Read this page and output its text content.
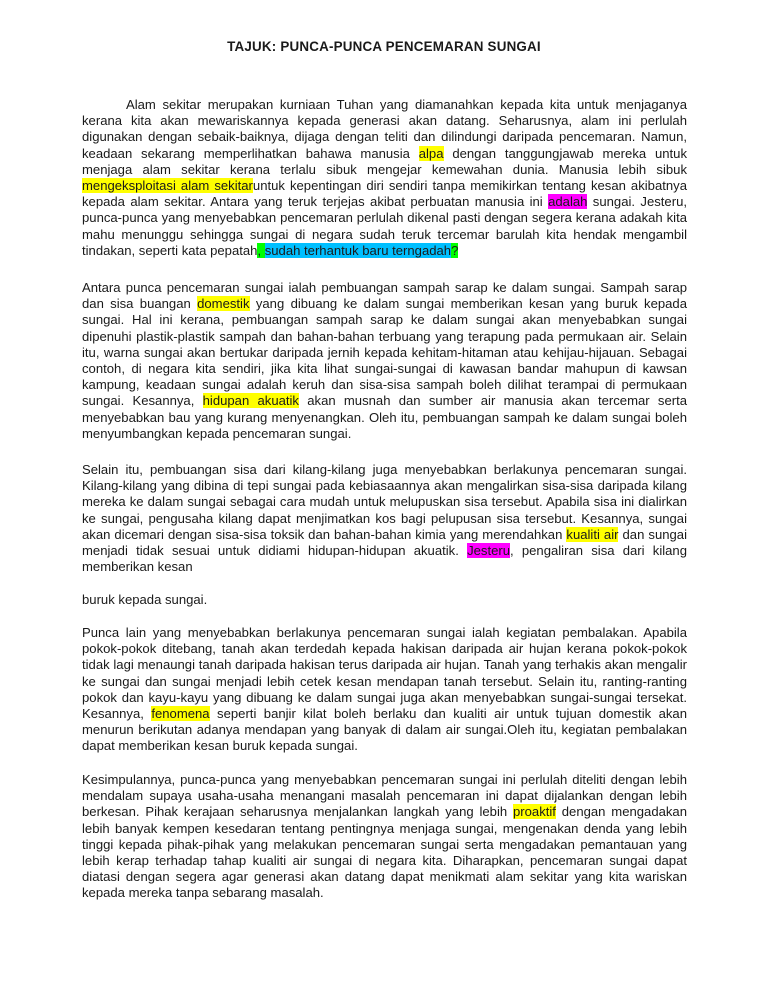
TAJUK: PUNCA-PUNCA PENCEMARAN SUNGAI

Alam sekitar merupakan kurniaan Tuhan yang diamanahkan kepada kita untuk menjaganya kerana kita akan mewariskannya kepada generasi akan datang. Seharusnya, alam ini perlulah digunakan dengan sebaik-baiknya, dijaga dengan teliti dan dilindungi daripada pencemaran. Namun, keadaan sekarang memperlihatkan bahawa manusia alpa dengan tanggungjawab mereka untuk menjaga alam sekitar kerana terlalu sibuk mengejar kemewahan dunia. Manusia lebih sibuk mengeksploitasi alam sekitaruntuk kepentingan diri sendiri tanpa memikirkan tentang kesan akibatnya kepada alam sekitar. Antara yang teruk terjejas akibat perbuatan manusia ini adalah sungai. Jesteru, punca-punca yang menyebabkan pencemaran perlulah dikenal pasti dengan segera kerana adakah kita mahu menunggu sehingga sungai di negara sudah teruk tercemar barulah kita hendak mengambil tindakan, seperti kata pepatah, sudah terhantuk baru terngadah?

Antara punca pencemaran sungai ialah pembuangan sampah sarap ke dalam sungai. Sampah sarap dan sisa buangan domestik yang dibuang ke dalam sungai memberikan kesan yang buruk kepada sungai. Hal ini kerana, pembuangan sampah sarap ke dalam sungai akan menyebabkan sungai dipenuhi plastik-plastik sampah dan bahan-bahan terbuang yang terapung pada permukaan air. Selain itu, warna sungai akan bertukar daripada jernih kepada kehitam-hitaman atau kehijau-hijauan. Sebagai contoh, di negara kita sendiri, jika kita lihat sungai-sungai di kawasan bandar mahupun di kawsan kampung, keadaan sungai adalah keruh dan sisa-sisa sampah boleh dilihat terampai di permukaan sungai. Kesannya, hidupan akuatik akan musnah dan sumber air manusia akan tercemar serta menyebabkan bau yang kurang menyenangkan. Oleh itu, pembuangan sampah ke dalam sungai boleh menyumbangkan kepada pencemaran sungai.

Selain itu, pembuangan sisa dari kilang-kilang juga menyebabkan berlakunya pencemaran sungai. Kilang-kilang yang dibina di tepi sungai pada kebiasaannya akan mengalirkan sisa-sisa daripada kilang mereka ke dalam sungai sebagai cara mudah untuk melupuskan sisa tersebut. Apabila sisa ini dialirkan ke sungai, pengusaha kilang dapat menjimatkan kos bagi pelupusan sisa tersebut. Kesannya, sungai akan dicemari dengan sisa-sisa toksik dan bahan-bahan kimia yang merendahkan kualiti air dan sungai menjadi tidak sesuai untuk didiami hidupan-hidupan akuatik. Jesteru, pengaliran sisa dari kilang memberikan kesan

buruk kepada sungai.

Punca lain yang menyebabkan berlakunya pencemaran sungai ialah kegiatan pembalakan. Apabila pokok-pokok ditebang, tanah akan terdedah kepada hakisan daripada air hujan kerana pokok-pokok tidak lagi menaungi tanah daripada hakisan terus daripada air hujan. Tanah yang terhakis akan mengalir ke sungai dan sungai menjadi lebih cetek kesan mendapan tanah tersebut. Selain itu, ranting-ranting pokok dan kayu-kayu yang dibuang ke dalam sungai juga akan menyebabkan sungai-sungai tersekat. Kesannya, fenomena seperti banjir kilat boleh berlaku dan kualiti air untuk tujuan domestik akan menurun berikutan adanya mendapan yang banyak di dalam air sungai.Oleh itu, kegiatan pembalakan dapat memberikan kesan buruk kepada sungai.

Kesimpulannya, punca-punca yang menyebabkan pencemaran sungai ini perlulah diteliti dengan lebih mendalam supaya usaha-usaha menangani masalah pencemaran ini dapat dijalankan dengan lebih berkesan. Pihak kerajaan seharusnya menjalankan langkah yang lebih proaktif dengan mengadakan lebih banyak kempen kesedaran tentang pentingnya menjaga sungai, mengenakan denda yang lebih tinggi kepada pihak-pihak yang melakukan pencemaran sungai serta mengadakan pemantauan yang lebih kerap terhadap tahap kualiti air sungai di negara kita. Diharapkan, pencemaran sungai dapat diatasi dengan segera agar generasi akan datang dapat menikmati alam sekitar yang kita wariskan kepada mereka tanpa sebarang masalah.
